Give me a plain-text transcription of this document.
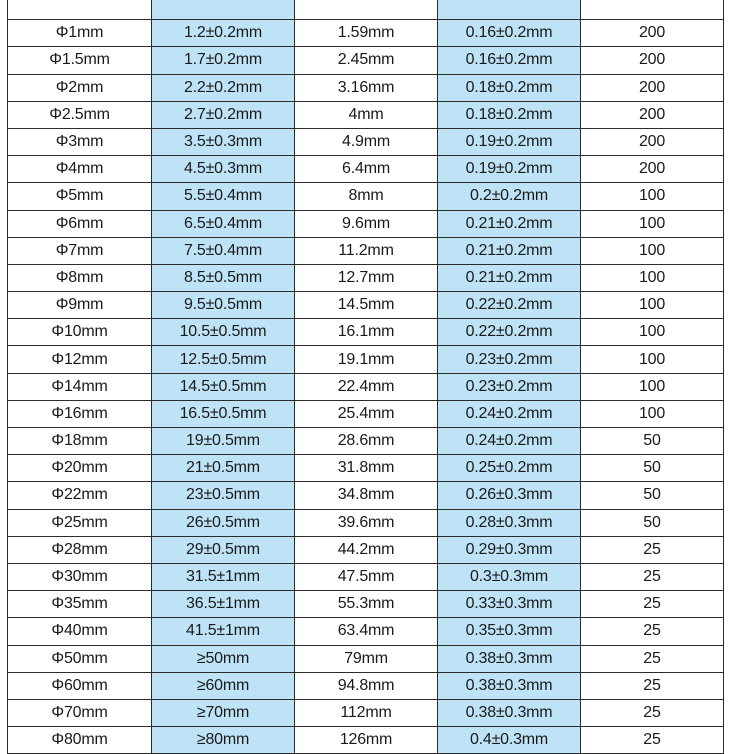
Φ1mm	1.2±0.2mm	1.59mm	0.16±0.2mm	200
Φ1.5mm	1.7±0.2mm	2.45mm	0.16±0.2mm	200
Φ2mm	2.2±0.2mm	3.16mm	0.18±0.2mm	200
Φ2.5mm	2.7±0.2mm	4mm	0.18±0.2mm	200
Φ3mm	3.5±0.3mm	4.9mm	0.19±0.2mm	200
Φ4mm	4.5±0.3mm	6.4mm	0.19±0.2mm	200
Φ5mm	5.5±0.4mm	8mm	0.2±0.2mm	100
Φ6mm	6.5±0.4mm	9.6mm	0.21±0.2mm	100
Φ7mm	7.5±0.4mm	11.2mm	0.21±0.2mm	100
Φ8mm	8.5±0.5mm	12.7mm	0.21±0.2mm	100
Φ9mm	9.5±0.5mm	14.5mm	0.22±0.2mm	100
Φ10mm	10.5±0.5mm	16.1mm	0.22±0.2mm	100
Φ12mm	12.5±0.5mm	19.1mm	0.23±0.2mm	100
Φ14mm	14.5±0.5mm	22.4mm	0.23±0.2mm	100
Φ16mm	16.5±0.5mm	25.4mm	0.24±0.2mm	100
Φ18mm	19±0.5mm	28.6mm	0.24±0.2mm	50
Φ20mm	21±0.5mm	31.8mm	0.25±0.2mm	50
Φ22mm	23±0.5mm	34.8mm	0.26±0.3mm	50
Φ25mm	26±0.5mm	39.6mm	0.28±0.3mm	50
Φ28mm	29±0.5mm	44.2mm	0.29±0.3mm	25
Φ30mm	31.5±1mm	47.5mm	0.3±0.3mm	25
Φ35mm	36.5±1mm	55.3mm	0.33±0.3mm	25
Φ40mm	41.5±1mm	63.4mm	0.35±0.3mm	25
Φ50mm	≥50mm	79mm	0.38±0.3mm	25
Φ60mm	≥60mm	94.8mm	0.38±0.3mm	25
Φ70mm	≥70mm	112mm	0.38±0.3mm	25
Φ80mm	≥80mm	126mm	0.4±0.3mm	25
